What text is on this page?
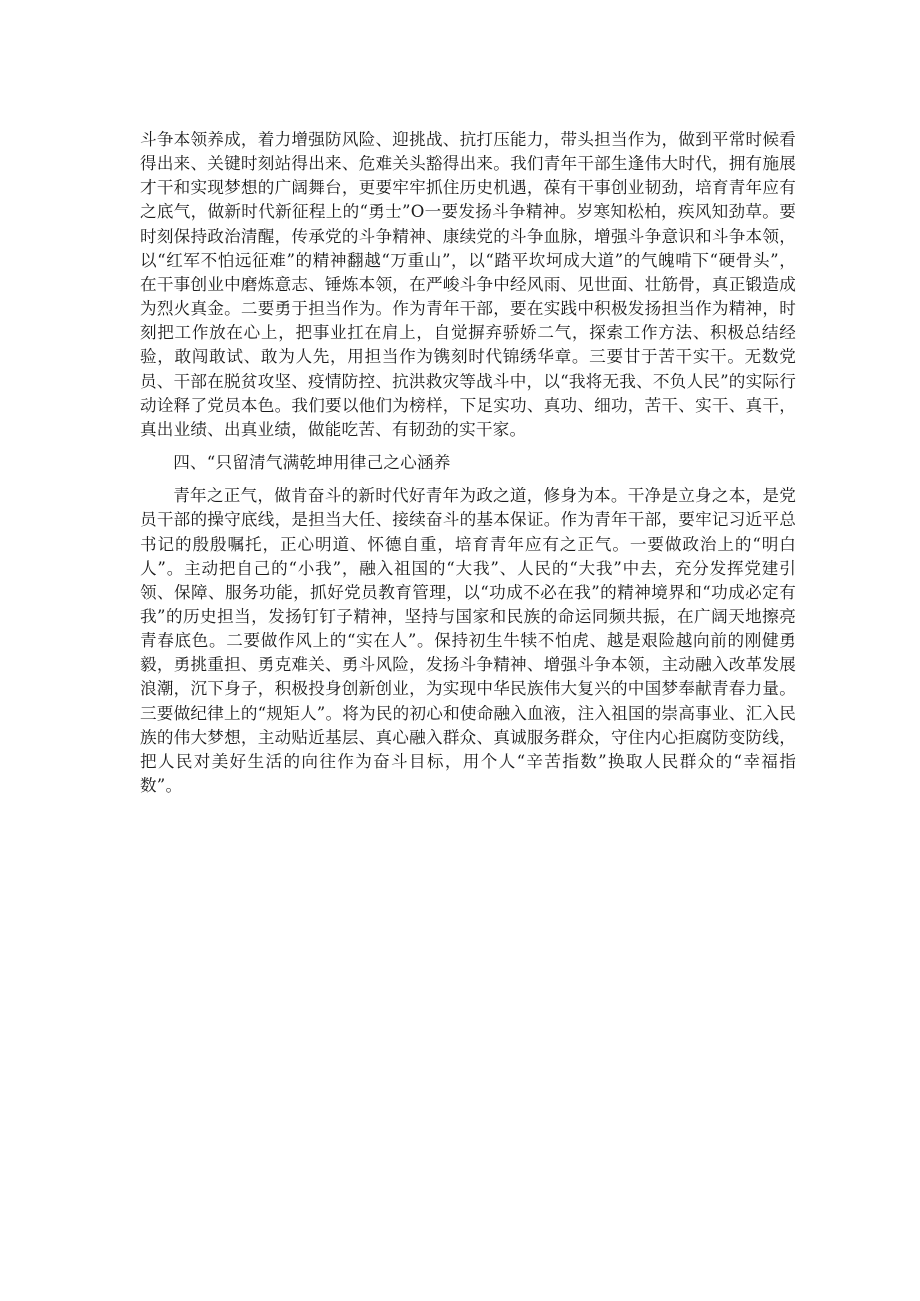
斗争本领养成，着力增强防风险、迎挑战、抗打压能力，带头担当作为，做到平常时候看得出来、关键时刻站得出来、危难关头豁得出来。我们青年干部生逢伟大时代，拥有施展才干和实现梦想的广阔舞台，更要牢牢抓住历史机遇，葆有干事创业韧劲，培育青年应有之底气，做新时代新征程上的“勇士”O一要发扬斗争精神。岁寒知松柏，疾风知劲草。要时刻保持政治清醒，传承党的斗争精神、康续党的斗争血脉，增强斗争意识和斗争本领，以“红军不怕远征难”的精神翻越“万重山”，以“踏平坎坷成大道”的气魄啃下“硬骨头”，在干事创业中磨炼意志、锤炼本领，在严峻斗争中经风雨、见世面、壮筋骨，真正锻造成为烈火真金。二要勇于担当作为。作为青年干部，要在实践中积极发扬担当作为精神，时刻把工作放在心上，把事业扛在肩上，自觉摒弃骄娇二气，探索工作方法、积极总结经验，敢闯敢试、敢为人先，用担当作为镌刻时代锦绣华章。三要甘于苦干实干。无数党员、干部在脱贫攻坚、疫情防控、抗洪救灾等战斗中，以“我将无我、不负人民”的实际行动诠释了党员本色。我们要以他们为榜样，下足实功、真功、细功，苦干、实干、真干，真出业绩、出真业绩，做能吃苦、有韧劲的实干家。

四、“只留清气满乾坤用律己之心涵养

青年之正气，做肯奋斗的新时代好青年为政之道，修身为本。干净是立身之本，是党员干部的操守底线，是担当大任、接续奋斗的基本保证。作为青年干部，要牢记习近平总书记的殷殷嘱托，正心明道、怀德自重，培育青年应有之正气。一要做政治上的“明白人”。主动把自己的“小我”，融入祖国的“大我”、人民的“大我”中去，充分发挥党建引领、保障、服务功能，抓好党员教育管理，以“功成不必在我”的精神境界和“功成必定有我”的历史担当，发扬钉钉子精神，坚持与国家和民族的命运同频共振，在广阔天地擦亮青春底色。二要做作风上的“实在人”。保持初生牛犊不怕虎、越是艰险越向前的刚健勇毅，勇挑重担、勇克难关、勇斗风险，发扬斗争精神、增强斗争本领，主动融入改革发展浪潮，沉下身子，积极投身创新创业，为实现中华民族伟大复兴的中国梦奉献青春力量。三要做纪律上的“规矩人”。将为民的初心和使命融入血液，注入祖国的崇高事业、汇入民族的伟大梦想，主动贴近基层、真心融入群众、真诚服务群众，守住内心拒腐防变防线，把人民对美好生活的向往作为奋斗目标，用个人“辛苦指数”换取人民群众的“幸福指数”。
